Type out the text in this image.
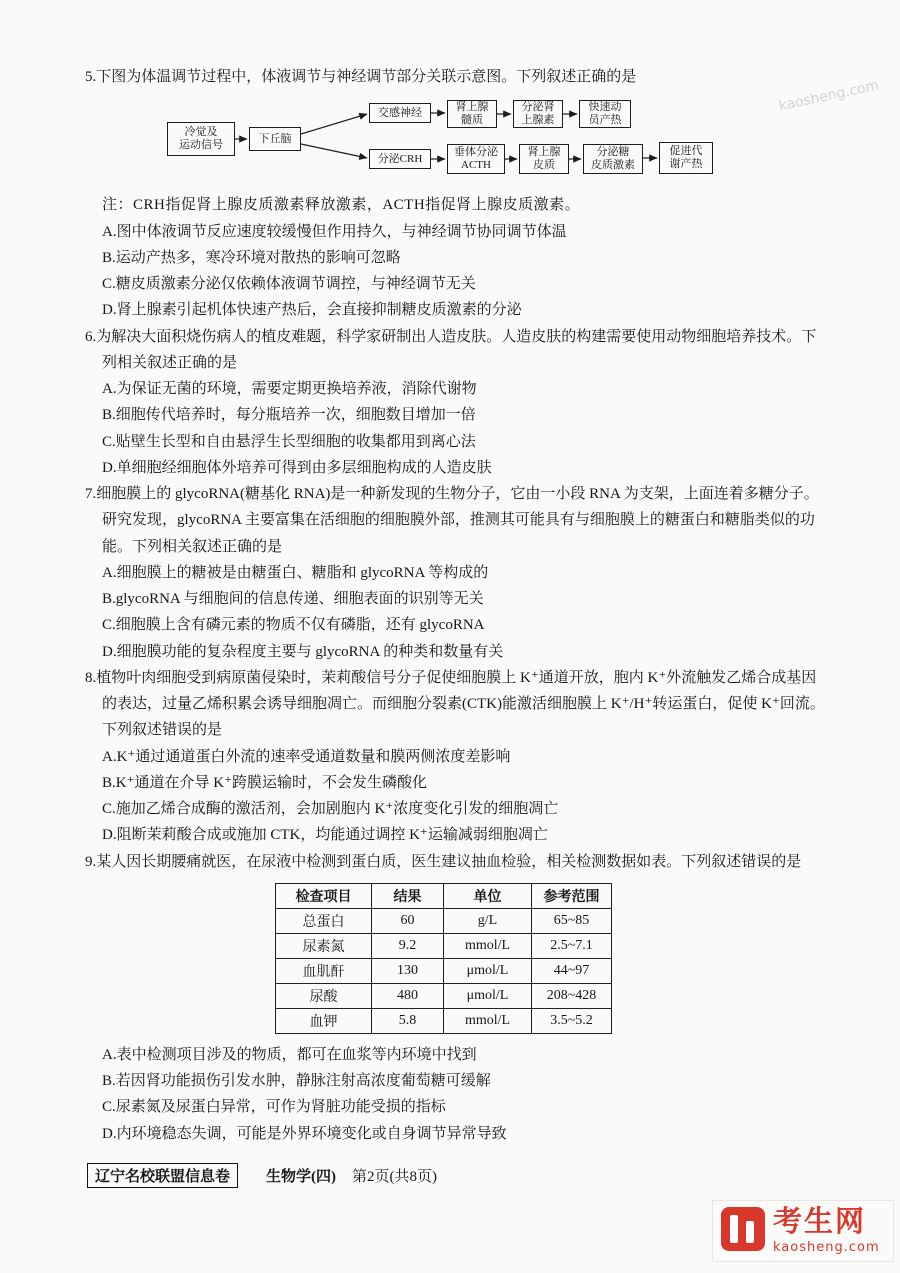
kaosheng.com

5.下图为体温调节过程中，体液调节与神经调节部分关联示意图。下列叙述正确的是

冷觉及
运动信号
下丘脑
交感神经	肾上腺
髓质
分泌肾
上腺素
快速动
员产热
分泌CRH
垂体分泌
ACTH
肾上腺
皮质
分泌糖
皮质激素
促进代
谢产热

注：CRH指促肾上腺皮质激素释放激素，ACTH指促肾上腺皮质激素。

A.图中体液调节反应速度较缓慢但作用持久，与神经调节协同调节体温

B.运动产热多，寒冷环境对散热的影响可忽略

C.糖皮质激素分泌仅依赖体液调节调控，与神经调节无关

D.肾上腺素引起机体快速产热后，会直接抑制糖皮质激素的分泌

6.为解决大面积烧伤病人的植皮难题，科学家研制出人造皮肤。人造皮肤的构建需要使用动物细胞培养技术。下列相关叙述正确的是

A.为保证无菌的环境，需要定期更换培养液，消除代谢物

B.细胞传代培养时，每分瓶培养一次，细胞数目增加一倍

C.贴壁生长型和自由悬浮生长型细胞的收集都用到离心法

D.单细胞经细胞体外培养可得到由多层细胞构成的人造皮肤

7.细胞膜上的 glycoRNA(糖基化 RNA)是一种新发现的生物分子，它由一小段 RNA 为支架，上面连着多糖分子。研究发现，glycoRNA 主要富集在活细胞的细胞膜外部，推测其可能具有与细胞膜上的糖蛋白和糖脂类似的功能。下列相关叙述正确的是

A.细胞膜上的糖被是由糖蛋白、糖脂和 glycoRNA 等构成的

B.glycoRNA 与细胞间的信息传递、细胞表面的识别等无关

C.细胞膜上含有磷元素的物质不仅有磷脂，还有 glycoRNA

D.细胞膜功能的复杂程度主要与 glycoRNA 的种类和数量有关

8.植物叶肉细胞受到病原菌侵染时，茉莉酸信号分子促使细胞膜上 K⁺通道开放，胞内 K⁺外流触发乙烯合成基因的表达，过量乙烯积累会诱导细胞凋亡。而细胞分裂素(CTK)能激活细胞膜上 K⁺/H⁺转运蛋白，促使 K⁺回流。下列叙述错误的是

A.K⁺通过通道蛋白外流的速率受通道数量和膜两侧浓度差影响

B.K⁺通道在介导 K⁺跨膜运输时，不会发生磷酸化

C.施加乙烯合成酶的激活剂，会加剧胞内 K⁺浓度变化引发的细胞凋亡

D.阻断茉莉酸合成或施加 CTK，均能通过调控 K⁺运输减弱细胞凋亡

9.某人因长期腰痛就医，在尿液中检测到蛋白质，医生建议抽血检验，相关检测数据如表。下列叙述错误的是

检查项目	结果	单位	参考范围
总蛋白	60	g/L	65~85
尿素氮	9.2	mmol/L	2.5~7.1
血肌酐	130	μmol/L	44~97
尿酸	480	μmol/L	208~428
血钾	5.8	mmol/L	3.5~5.2

A.表中检测项目涉及的物质，都可在血浆等内环境中找到

B.若因肾功能损伤引发水肿，静脉注射高浓度葡萄糖可缓解

C.尿素氮及尿蛋白异常，可作为肾脏功能受损的指标

D.内环境稳态失调，可能是外界环境变化或自身调节异常导致

辽宁名校联盟信息卷	生物学(四) 第2页(共8页)
考生网
kaosheng.com
